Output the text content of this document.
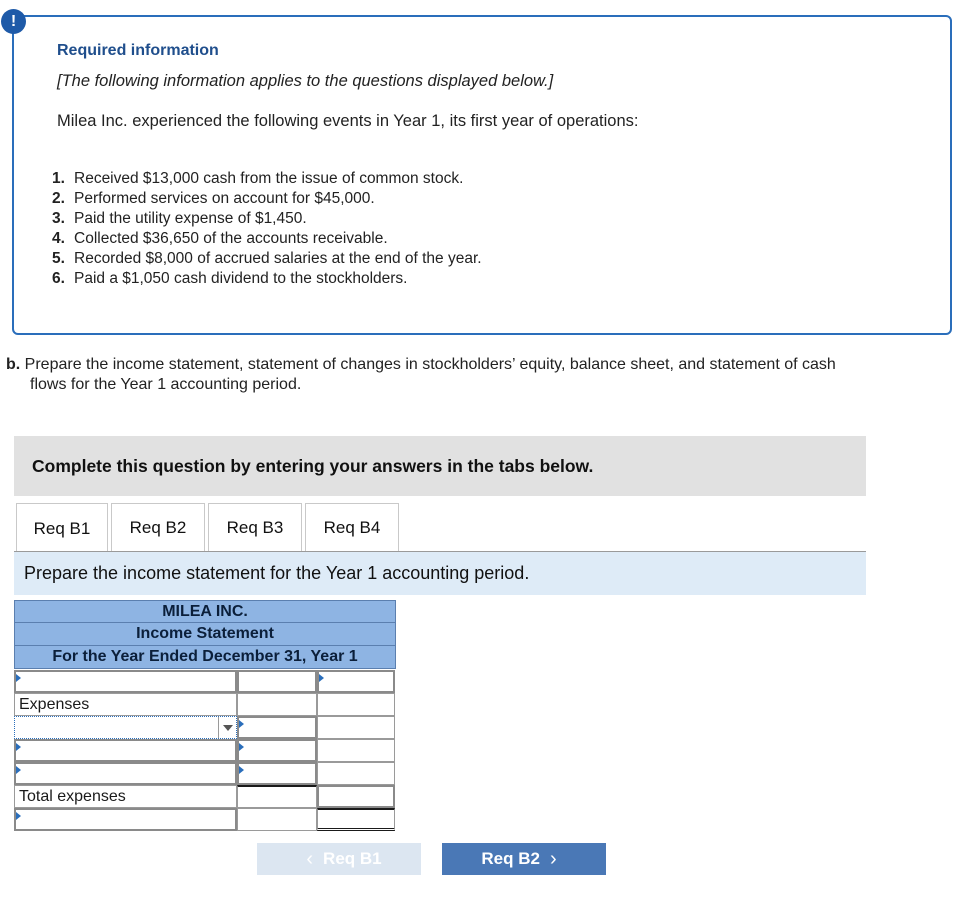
!
Required information
[The following information applies to the questions displayed below.]
Milea Inc. experienced the following events in Year 1, its first year of operations:
1. Received $13,000 cash from the issue of common stock.
2. Performed services on account for $45,000.
3. Paid the utility expense of $1,450.
4. Collected $36,650 of the accounts receivable.
5. Recorded $8,000 of accrued salaries at the end of the year.
6. Paid a $1,050 cash dividend to the stockholders.
b. Prepare the income statement, statement of changes in stockholders’ equity, balance sheet, and statement of cash
flows for the Year 1 accounting period.
Complete this question by entering your answers in the tabs below.
Req B1	Req B2	Req B3	Req B4
Prepare the income statement for the Year 1 accounting period.
MILEA INC.
Income Statement
For the Year Ended December 31, Year 1
Expenses
Total expenses
‹ Req B1	Req B2 ›
